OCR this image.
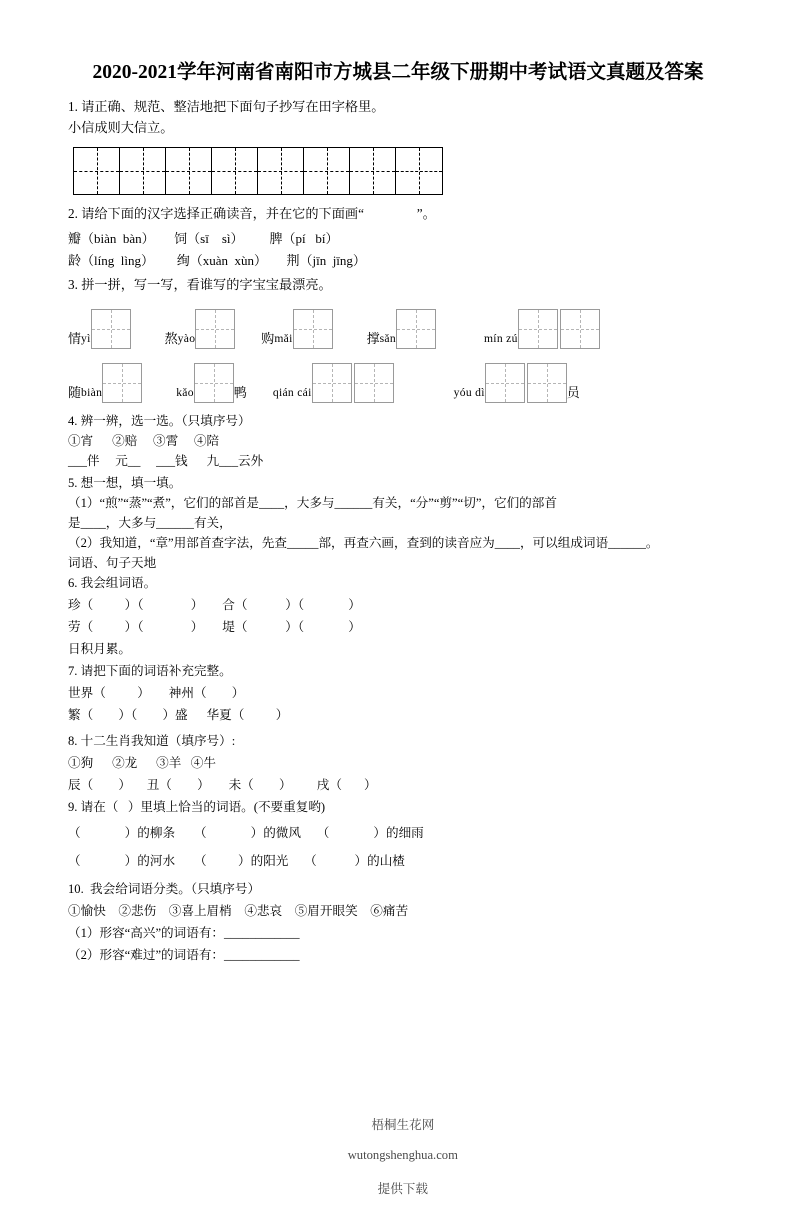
2020-2021学年河南省南阳市方城县二年级下册期中考试语文真题及答案

1. 请正确、规范、整洁地把下面句子抄写在田字格里。

小信成则大信立。

2. 请给下面的汉字选择正确读音，并在它的下面画“                ”。

瓣（biàn  bàn）      饲（sī    sì）        脾（pí   bí）

龄（líng  lìng）       绚（xuàn  xùn）      荆（jīn  jīng）

3. 拼一拼，写一写，看谁写的字宝宝最漂亮。

情 yì	熬 yào	购 mǎi	撑 sǎn	mín zú
随 biàn	kǎo	鸭 qián cái	yóu dì	员

4. 辨一辨，选一选。（只填序号）

①宵      ②赔     ③霄     ④陪

___伴     元__     ___钱      九___云外

5. 想一想，填一填。

（1）“煎”“蒸”“煮”，它们的部首是____，大多与______有关，“分”“剪”“切”，它们的部首

是____，大多与______有关，

（2）我知道，“章”用部首查字法，先查_____部，再查六画，查到的读音应为____，可以组成词语______。

词语、句子天地

6. 我会组词语。

珍（          ）（               ）      合（            ）（              ）

劳（          ）（               ）      堤（            ）（              ）

日积月累。

7. 请把下面的词语补充完整。

世界（          ）      神州（        ）

繁（        ）（        ）盛      华夏（          ）

8. 十二生肖我知道（填序号）:

①狗      ②龙      ③羊   ④牛

辰（        ）     丑（        ）      未（        ）        戌（       ）

9. 请在（   ）里填上恰当的词语。(不要重复哟)

（              ）的柳条      （              ）的微风     （              ）的细雨

（              ）的河水      （          ）的阳光     （            ）的山楂

10.  我会给词语分类。（只填序号）

①愉快    ②悲伤    ③喜上眉梢    ④悲哀    ⑤眉开眼笑    ⑥痛苦

（1）形容“高兴”的词语有：____________

（2）形容“难过”的词语有：____________

梧桐生花网

wutongshenghua.com

提供下载
